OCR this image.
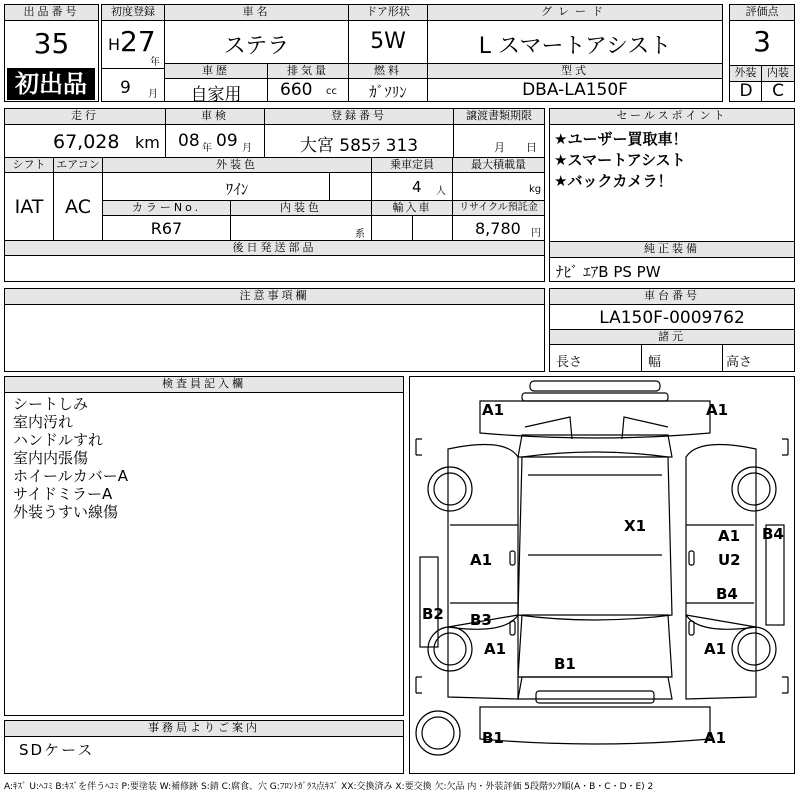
出品番号
35
初出品
初度登録
H 27
年
9 月
車名
ステラ
ドア形状
5W
グレード
L スマートアシスト
評価点
3
外装 内装
D	C
車歴
自家用
排気量
660 cc
燃料
ｶﾞｿﾘﾝ
型式
DBA-LA150F
走行
67,028 km
車検
08 年 09 月
登録番号
大宮 585ﾗ 313
譲渡書類期限
月 日
シフト
IAT
エアコン
AC
外装色
ﾜｲﾝ
乗車定員
4 人
最大積載量
kg
カラーNo.
R67
内装色
系
輸入車	リサイクル預託金
8,780 円
後日発送部品
セールスポイント
★ユーザー買取車！
★スマートアシスト
★バックカメラ！
純正装備
ﾅﾋﾞ ｴｱB PS PW
注意事項欄	車台番号
LA150F-0009762
諸元
長さ	幅	高さ
検査員記入欄
シートしみ
室内汚れ
ハンドルすれ
室内内張傷
ホイールカバーA
サイドミラーA
外装うすい線傷
事務局よりご案内
SDケース
A1	A1
X1
A1
A1
U2
B4
B2 B3
B4
A1	A1
B1
B1	A1
A:ｷｽﾞ U:ﾍｺﾐ B:ｷｽﾞを伴うﾍｺﾐ P:要塗装 W:補修跡 S:錆 C:腐食、穴 G:ﾌﾛﾝﾄｶﾞﾗｽ点ｷｽﾞ XX:交換済み X:要交換 欠:欠品 内・外装評価 5段階ﾗﾝｸ順(A・B・C・D・E) 2
